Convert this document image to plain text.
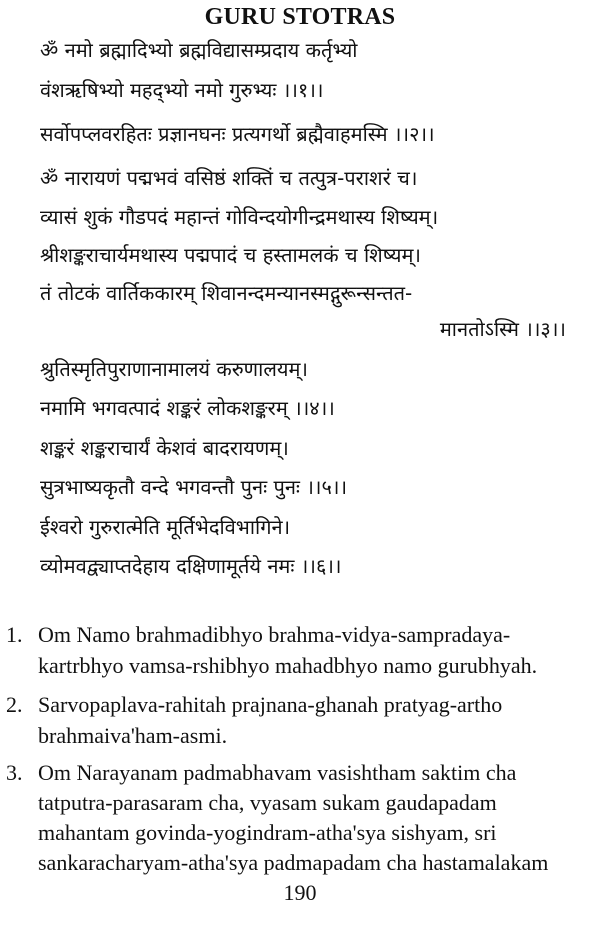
GURU STOTRAS
ॐ नमो ब्रह्मादिभ्यो ब्रह्मविद्यासम्प्रदाय कर्तृभ्यो
वंशऋषिभ्यो महद्भ्यो नमो गुरुभ्यः ।।१।।
सर्वोपप्लवरहितः प्रज्ञानघनः प्रत्यगर्थो ब्रह्मैवाहमस्मि ।।२।।
ॐ नारायणं पद्मभवं वसिष्ठं शक्तिं च तत्पुत्र-पराशरं च।
व्यासं शुकं गौडपदं महान्तं गोविन्दयोगीन्द्रमथास्य शिष्यम्।
श्रीशङ्कराचार्यमथास्य पद्मपादं च हस्तामलकं च शिष्यम्।
तं तोटकं वार्तिककारम् शिवानन्दमन्यानस्मद्गुरून्सन्तत-
मानतोऽस्मि ।।३।।
श्रुतिस्मृतिपुराणानामालयं करुणालयम्।
नमामि भगवत्पादं शङ्करं लोकशङ्करम् ।।४।।
शङ्करं शङ्कराचार्यं केशवं बादरायणम्।
सुत्रभाष्यकृतौ वन्दे भगवन्तौ पुनः पुनः ।।५।।
ईश्वरो गुरुरात्मेति मूर्तिभेदविभागिने।
व्योमवद्व्याप्तदेहाय दक्षिणामूर्तये नमः ।।६।।
1. Om Namo brahmadibhyo brahma-vidya-sampradaya-
kartrbhyo vamsa-rshibhyo mahadbhyo namo gurubhyah.
2. Sarvopaplava-rahitah prajnana-ghanah pratyag-artho
brahmaiva'ham-asmi.
3. Om Narayanam padmabhavam vasishtham saktim cha
tatputra-parasaram cha, vyasam sukam gaudapadam
mahantam govinda-yogindram-atha'sya sishyam, sri
sankaracharyam-atha'sya padmapadam cha hastamalakam
190
